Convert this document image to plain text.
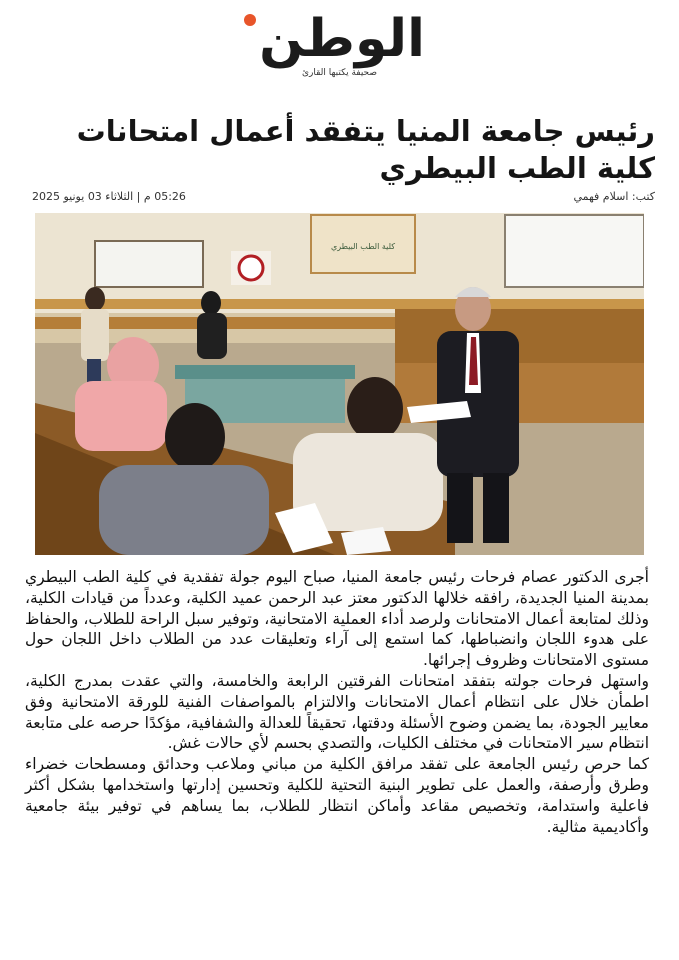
الوطن
صحيفة يكتبها القارئ
رئيس جامعة المنيا يتفقد أعمال امتحانات كلية الطب البيطري
كتب: اسلام فهمي
05:26 م | الثلاثاء 03 يونيو 2025
كلية الطب البيطري

أجرى الدكتور عصام فرحات رئيس جامعة المنيا، صباح اليوم جولة تفقدية في كلية الطب البيطري بمدينة المنيا الجديدة، رافقه خلالها الدكتور معتز عبد الرحمن عميد الكلية، وعدداً من قيادات الكلية، وذلك لمتابعة أعمال الامتحانات ولرصد أداء العملية الامتحانية، وتوفير سبل الراحة للطلاب، والحفاظ على هدوء اللجان وانضباطها، كما استمع إلى آراء وتعليقات عدد من الطلاب داخل اللجان حول مستوى الامتحانات وظروف إجرائها.

واستهل فرحات جولته بتفقد امتحانات الفرقتين الرابعة والخامسة، والتي عقدت بمدرج الكلية، اطمأن خلال على انتظام أعمال الامتحانات والالتزام بالمواصفات الفنية للورقة الامتحانية وفق معايير الجودة، بما يضمن وضوح الأسئلة ودقتها، تحقيقاً للعدالة والشفافية، مؤكدًا حرصه على متابعة انتظام سير الامتحانات في مختلف الكليات، والتصدي بحسم لأي حالات غش.

كما حرص رئيس الجامعة على تفقد مرافق الكلية من مباني وملاعب وحدائق ومسطحات خضراء وطرق وأرصفة، والعمل على تطوير البنية التحتية للكلية وتحسين إدارتها واستخدامها بشكل أكثر فاعلية واستدامة، وتخصيص مقاعد وأماكن انتظار للطلاب، بما يساهم في توفير بيئة جامعية وأكاديمية مثالية.
